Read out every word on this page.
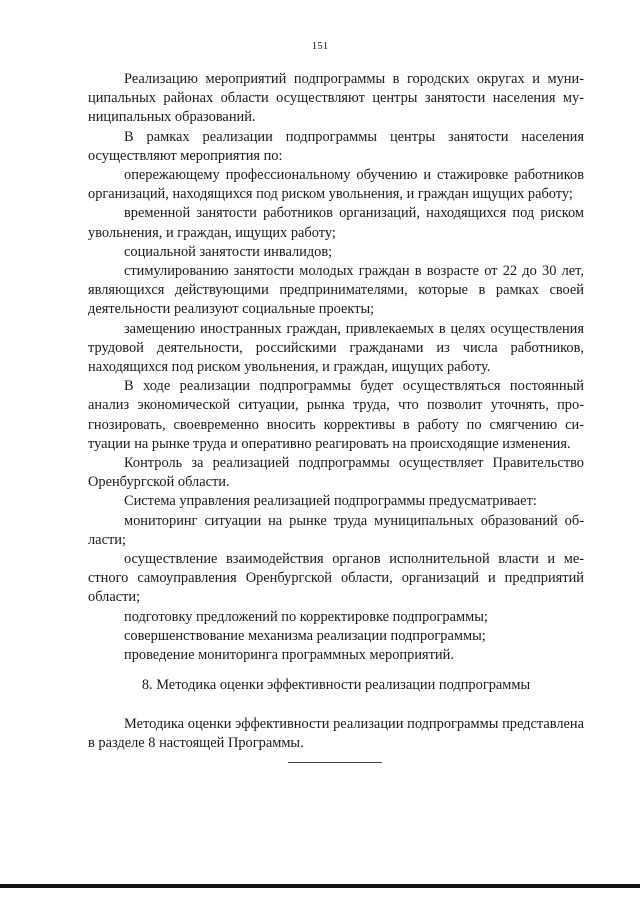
151

Реализацию мероприятий подпрограммы в городских округах и муниципальных районах области осуществляют центры занятости населения муниципальных образований.

В рамках реализации подпрограммы центры занятости населения осуществляют мероприятия по:

опережающему профессиональному обучению и стажировке работников организаций, находящихся под риском увольнения, и граждан ищущих работу;

временной занятости работников организаций, находящихся под риском увольнения, и граждан, ищущих работу;

социальной занятости инвалидов;

стимулированию занятости молодых граждан в возрасте от 22 до 30 лет, являющихся действующими предпринимателями, которые в рамках своей деятельности реализуют социальные проекты;

замещению иностранных граждан, привлекаемых в целях осуществления трудовой деятельности, российскими гражданами из числа работников, находящихся под риском увольнения, и граждан, ищущих работу.

В ходе реализации подпрограммы будет осуществляться постоянный анализ экономической ситуации, рынка труда, что позволит уточнять, прогнозировать, своевременно вносить коррективы в работу по смягчению ситуации на рынке труда и оперативно реагировать на происходящие изменения.

Контроль за реализацией подпрограммы осуществляет Правительство Оренбургской области.

Система управления реализацией подпрограммы предусматривает:

мониторинг ситуации на рынке труда муниципальных образований области;

осуществление взаимодействия органов исполнительной власти и местного самоуправления Оренбургской области, организаций и предприятий области;

подготовку предложений по корректировке подпрограммы;

совершенствование механизма реализации подпрограммы;

проведение мониторинга программных мероприятий.

8. Методика оценки эффективности реализации подпрограммы

Методика оценки эффективности реализации подпрограммы представлена в разделе 8 настоящей Программы.
